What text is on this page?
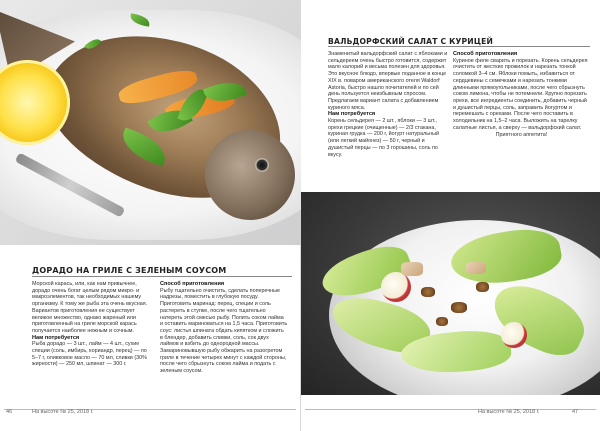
ДОРАДО НА ГРИЛЕ С ЗЕЛЕНЫМ СОУСОМ

Морской карась, или, как нам привычнее, дорадо очень богат целым рядом микро- и макроэлементов, так необходимых нашему организму. К тому же рыба эта очень вкусная. Вариантов приготовления ее существует великое множество, однако жареный или приготовленный на гриле морской карась получается наиболее нежным и сочным.

Нам потребуется

Рыба дорадо — 3 шт., лайм — 4 шт., сухие специи (соль, имбирь, кориандр, перец) — по 5–7 г, оливковое масло — 70 мл, сливки (30% жирности) — 250 мл, шпинат — 300 г.

Способ приготовления

Рыбу тщательно очистить, сделать поперечные надрезы, поместить в глубокую посуду. Приготовить маринад: перец, специи и соль растереть в ступке, после чего тщательно натереть этой смесью рыбу. Полить соком лайма и оставить мариноваться на 1,5 часа. Приготовить соус: листья шпината обдать кипятком и сложить в блендер, добавить сливки, соль, сок двух лаймов и взбить до однородной массы. Замариновывшую рыбу обжарить на разогретом гриле в течение четырех минут с каждой стороны, после чего сбрызнуть соком лайма и подать с зеленым соусом.

46	На высоте № 25, 2018 г.
ВАЛЬДОРФСКИЙ САЛАТ С КУРИЦЕЙ

Знаменитый вальдорфский салат с яблоками и сельдереем очень быстро готовится, содержит мало калорий и весьма полезен для здоровья. Это вкусное блюдо, впервые поданное в конце XIX в. поваром американского отеля Waldorf Astoria, быстро нашло почитателей и по сей день пользуется неизбывным спросом. Предлагаем вариант салата с добавлением куриного мяса.

Нам потребуется

Корень сельдерея — 2 шт., яблоки — 3 шт., орехи грецкие (очищенные) — 2/3 стакана, куриная грудка — 200 г, йогурт натуральный (или легкий майонез) — 50 г, черный и душистый перцы — по 3 горошины, соль по вкусу.

Способ приготовления

Куриное филе сварить и порезать. Корень сельдерея очистить от жестких прожилок и нарезать тонкой соломкой 3–4 см. Яблоки помыть, избавиться от сердцевины с семечками и нарезать тонкими длинными прямоугольниками, после чего сбрызнуть соком лимона, чтобы не потемнели. Крупно порезать орехи, все ингредиенты соединить, добавить черный и душистый перцы, соль, заправить йогуртом и перемешать с орехами. После чего поставить в холодильник на 1,5–2 часа. Выложить на тарелку салатные листья, а сверху — вальдорфский салат.

Приятного аппетита!

На высоте № 25, 2018 г.	47
